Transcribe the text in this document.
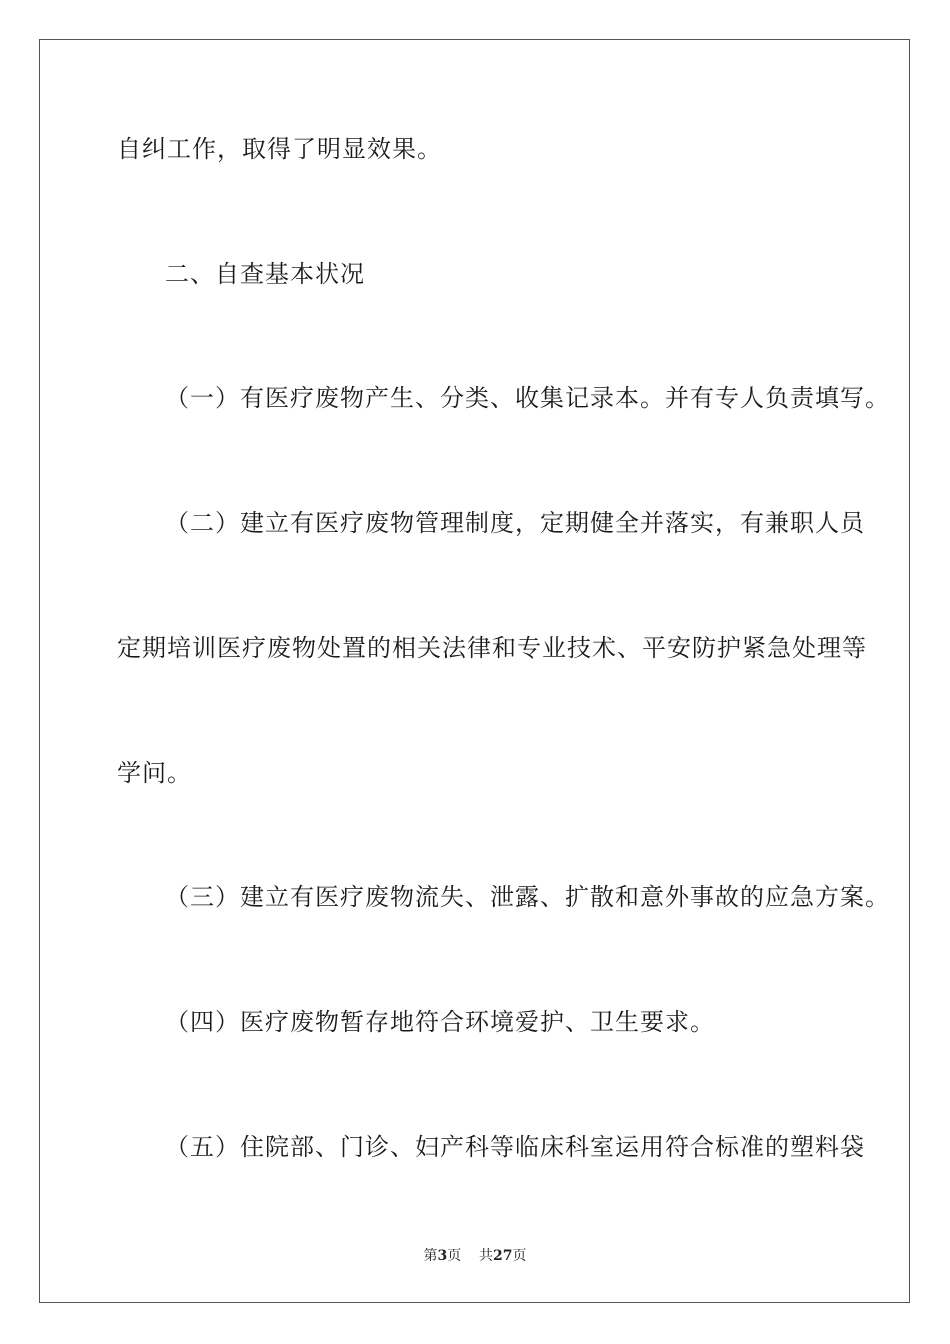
自纠工作，取得了明显效果。
二、自查基本状况
（一）有医疗废物产生、分类、收集记录本。并有专人负责填写。
（二）建立有医疗废物管理制度，定期健全并落实，有兼职人员
定期培训医疗废物处置的相关法律和专业技术、平安防护紧急处理等
学问。
（三）建立有医疗废物流失、泄露、扩散和意外事故的应急方案。
（四）医疗废物暂存地符合环境爱护、卫生要求。
（五）住院部、门诊、妇产科等临床科室运用符合标准的塑料袋
第3页 共27页
